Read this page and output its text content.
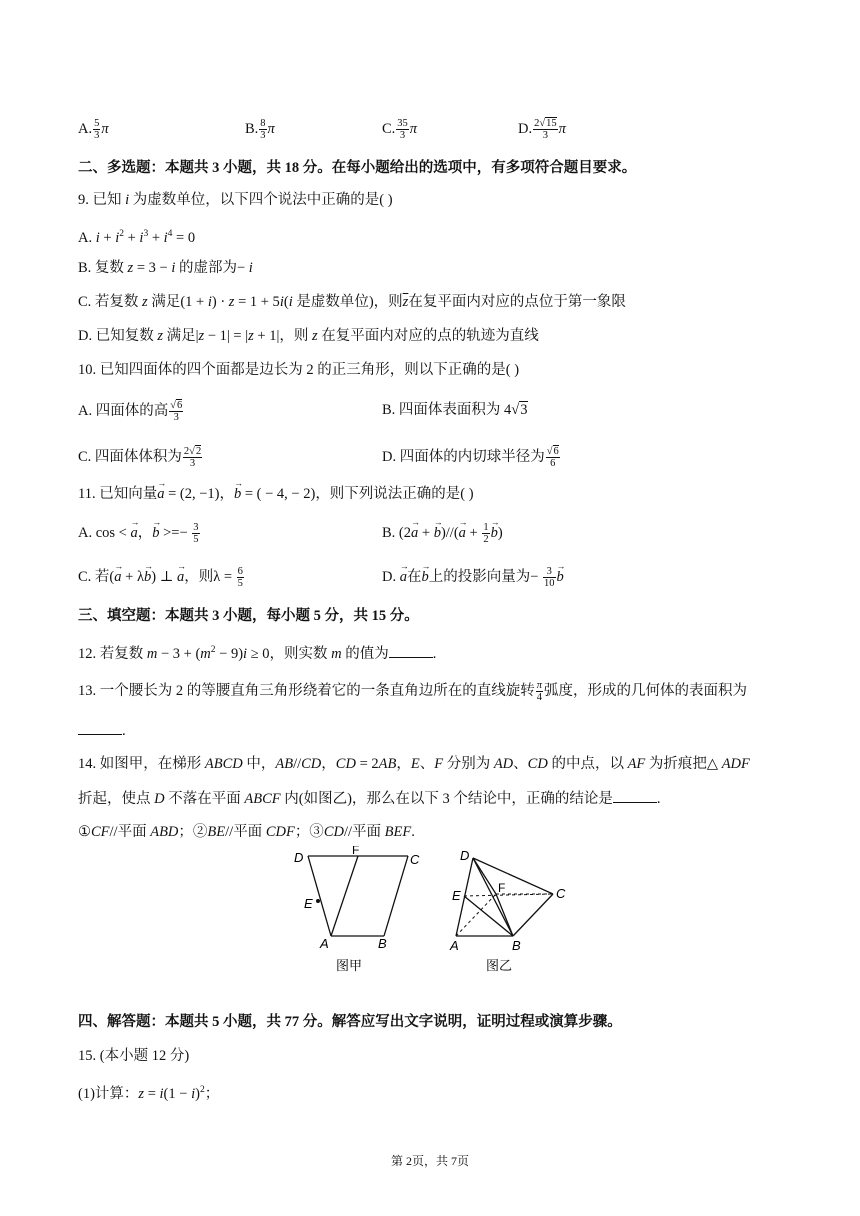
A. $\frac{5}{3}$ π	B. $\frac{8}{3}$ π	C. $\frac{35}{3}$ π	D. $\frac{2√15}{3}$ π
二、多选题：本题共 3 小题，共 18 分。在每小题给出的选项中，有多项符合题目要求。
9. 已知 i 为虚数单位，以下四个说法中正确的是( )
A. $i + i^2 + i^3 + i^4 = 0$
B. 复数 z = 3 − i 的虚部为− i
C. 若复数 z 满足(1 + i) · z = 1 + 5i(i 是虚数单位)，则$\overline{z}$在复平面内对应的点位于第一象限
D. 已知复数 z 满足|z − 1| = |z + 1|，则 z 在复平面内对应的点的轨迹为直线
10. 已知四面体的四个面都是边长为 2 的正三角形，则以下正确的是( )
A. 四面体的高 $\frac{√6}{3}$	B. 四面体表面积为 4√3
C. 四面体体积为 $\frac{2√2}{3}$	D. 四面体的内切球半径为 $\frac{√6}{6}$
11. 已知向量→ a = (2, −1)，→ b = ( − 4, − 2)，则下列说法正确的是( )
A. cos < → a，→ b >=− $\frac{3}{5}$	B. (2→ a + → $b)//(\to a + \frac{1}{2} \to b)$
C. 若(→ a + λ→ b) ⊥ → a，则$\lambda = \frac{6}{5}$	D. → a在→ b上的投影向量为− $\frac{3}{10} \to b$
三、填空题：本题共 3 小题，每小题 5 分，共 15 分。
12. 若复数 $m - 3 + (m^2 - 9)i \ge 0$，则实数 m 的值为	.
13. 一个腰长为 2 的等腰直角三角形绕着它的一条直角边所在的直线旋转 $\frac{\pi}{4}$ 弧度，形成的几何体的表面积为
.
14. 如图甲，在梯形 ABCD 中，AB//CD，CD = 2AB，E、F 分别为 AD、CD 的中点，以 AF 为折痕把△ ADF
折起，使点 D 不落在平面 ABCF 内(如图乙)，那么在以下 3 个结论中，正确的结论是	.
①CF//平面 ABD；②BE//平面 CDF；③CD//平面 BEF.
D	F
C
E
A	B
图甲
D
F	C
E
A	B
图乙
四、解答题：本题共 5 小题，共 77 分。解答应写出文字说明，证明过程或演算步骤。
15. (本小题 12 分)
(1)计算：$z = i(1 - i)^2$；
第 2页，共 7页
